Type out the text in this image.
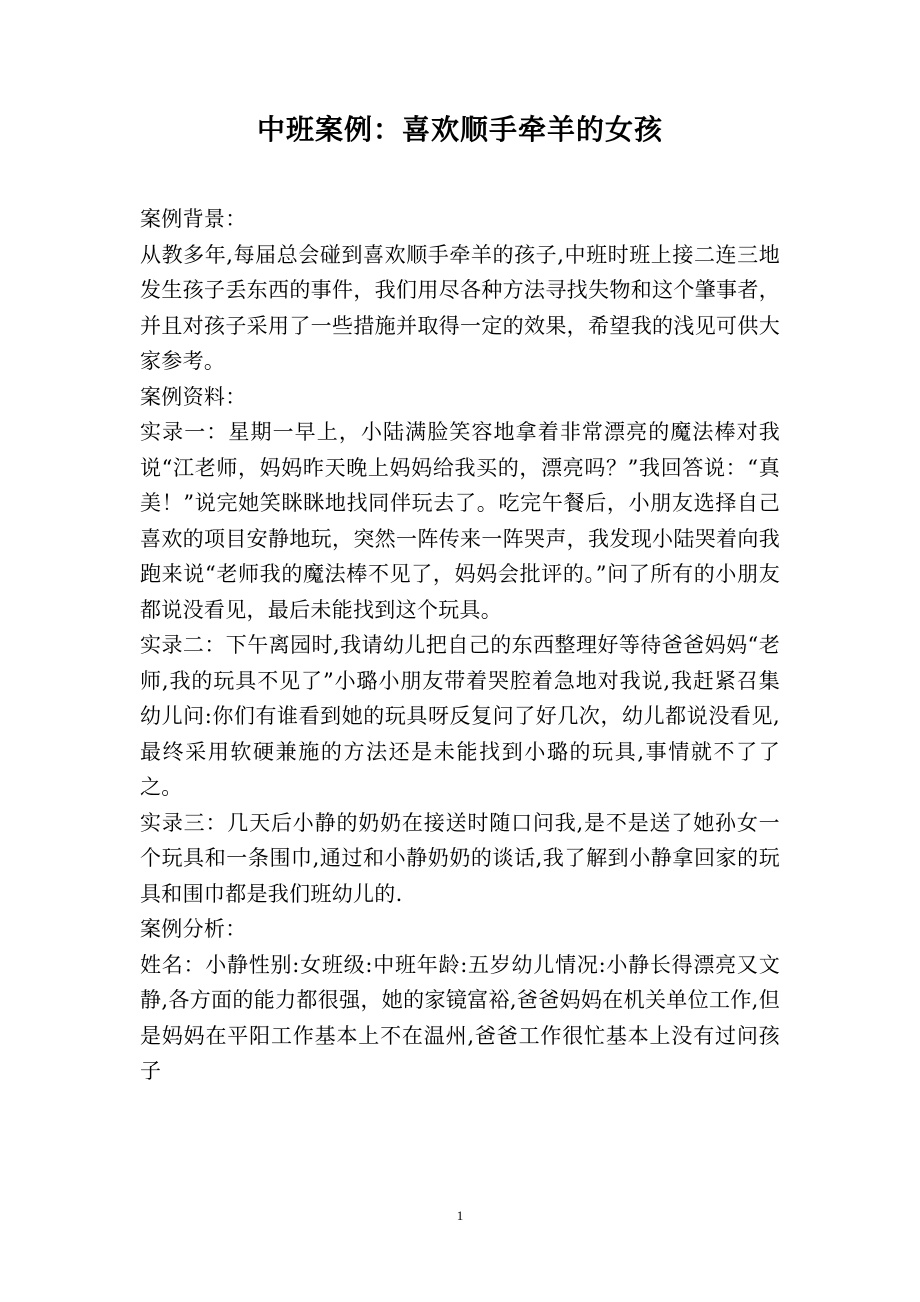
中班案例：喜欢顺手牵羊的女孩

案例背景：

从教多年,每届总会碰到喜欢顺手牵羊的孩子,中班时班上接二连三地发生孩子丢东西的事件，我们用尽各种方法寻找失物和这个肇事者，并且对孩子采用了一些措施并取得一定的效果，希望我的浅见可供大家参考。

案例资料：

实录一：星期一早上，小陆满脸笑容地拿着非常漂亮的魔法棒对我说“江老师，妈妈昨天晚上妈妈给我买的，漂亮吗？”我回答说：“真美！”说完她笑眯眯地找同伴玩去了。吃完午餐后，小朋友选择自己喜欢的项目安静地玩，突然一阵传来一阵哭声，我发现小陆哭着向我跑来说“老师我的魔法棒不见了，妈妈会批评的。”问了所有的小朋友都说没看见，最后未能找到这个玩具。

实录二：下午离园时,我请幼儿把自己的东西整理好等待爸爸妈妈“老师,我的玩具不见了”小璐小朋友带着哭腔着急地对我说,我赶紧召集幼儿问:你们有谁看到她的玩具呀反复问了好几次，幼儿都说没看见,最终采用软硬兼施的方法还是未能找到小璐的玩具,事情就不了了之。

实录三：几天后小静的奶奶在接送时随口问我,是不是送了她孙女一个玩具和一条围巾,通过和小静奶奶的谈话,我了解到小静拿回家的玩具和围巾都是我们班幼儿的.

案例分析：

姓名：小静性别:女班级:中班年龄:五岁幼儿情况:小静长得漂亮又文静,各方面的能力都很强，她的家镜富裕,爸爸妈妈在机关单位工作,但是妈妈在平阳工作基本上不在温州,爸爸工作很忙基本上没有过问孩子

1
